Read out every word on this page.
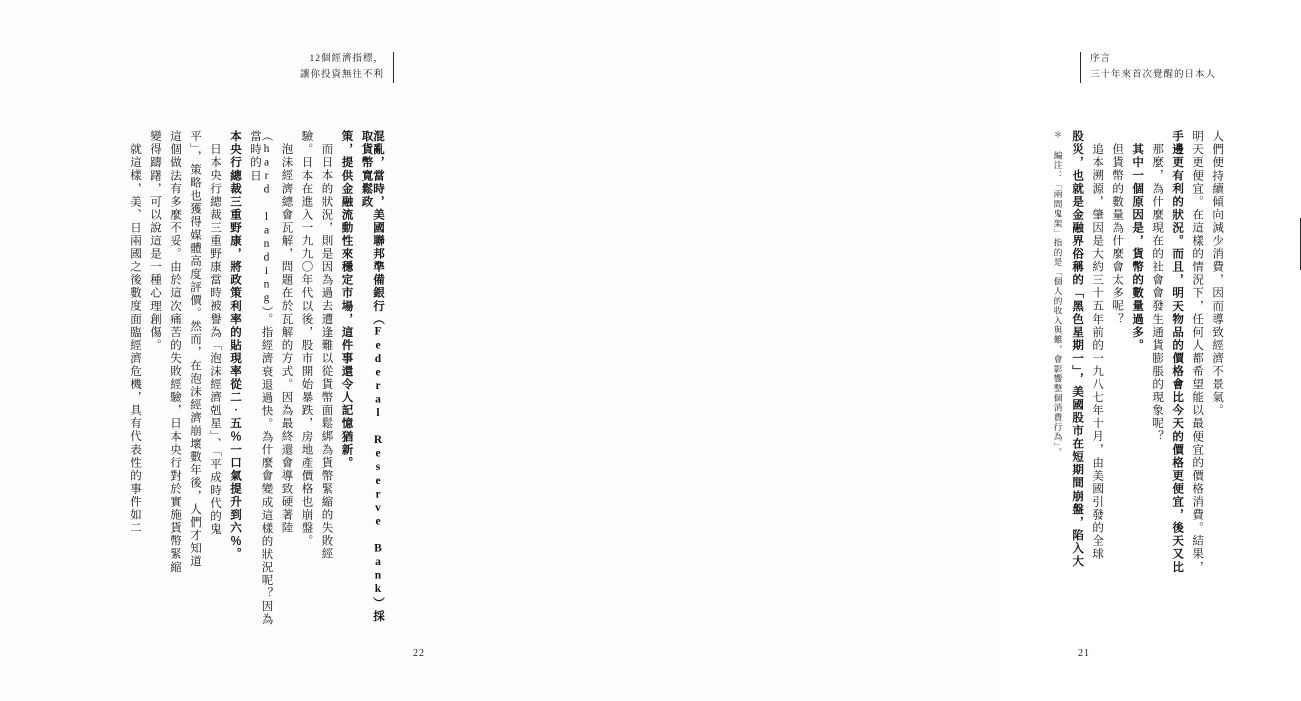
12個經濟指標，
讓你投資無往不利
混亂，當時，美國聯邦準備銀行（Federal Reserve Bank）採取貨幣寬鬆政
策，提供金融流動性來穩定市場，這件事還令人記憶猶新。
而日本的狀況，則是因為過去遭逢難以從貨幣面鬆綁為貨幣緊縮的失敗經
驗。日本在進入一九九〇年代以後，股市開始暴跌，房地產價格也崩盤。
泡沫經濟總會瓦解，問題在於瓦解的方式。因為最終還會導致硬著陸
（hard landing）。指經濟衰退過快。為什麼會變成這樣的狀況呢？因為當時的日
本央行總裁三重野康，將政策利率的貼現率從二‧五％一口氣提升到六％。
日本央行總裁三重野康當時被譽為「泡沫經濟剋星」、「平成時代的鬼
平」，策略也獲得媒體高度評價。然而，在泡沫經濟崩壞數年後，人們才知道
這個做法有多麼不妥。由於這次痛苦的失敗經驗，日本央行對於實施貨幣緊縮
變得躊躇，可以說這是一種心理創傷。
就這樣，美、日兩國之後數度面臨經濟危機，具有代表性的事件如二
22
序言
三十年來首次覺醒的日本人
人們便持續傾向減少消費，因而導致經濟不景氣。
明天更便宜。在這樣的情況下，任何人都希望能以最便宜的價格消費。結果，
手邊更有利的狀況。而且，明天物品的價格會比今天的價格更便宜，後天又比
那麼，為什麼現在的社會會發生通貨膨脹的現象呢？
其中一個原因是，貨幣的數量過多。
但貨幣的數量為什麼會太多呢？
追本溯源，肇因是大約三十五年前的一九八七年十月，由美國引發的全球
股災，也就是金融界俗稱的「黑色星期一」，美國股市在短期間崩盤，陷入大
＊ 編注：「兩間鬼架」指的是「個人的收入與難，會影響整個消費行為」。
21
